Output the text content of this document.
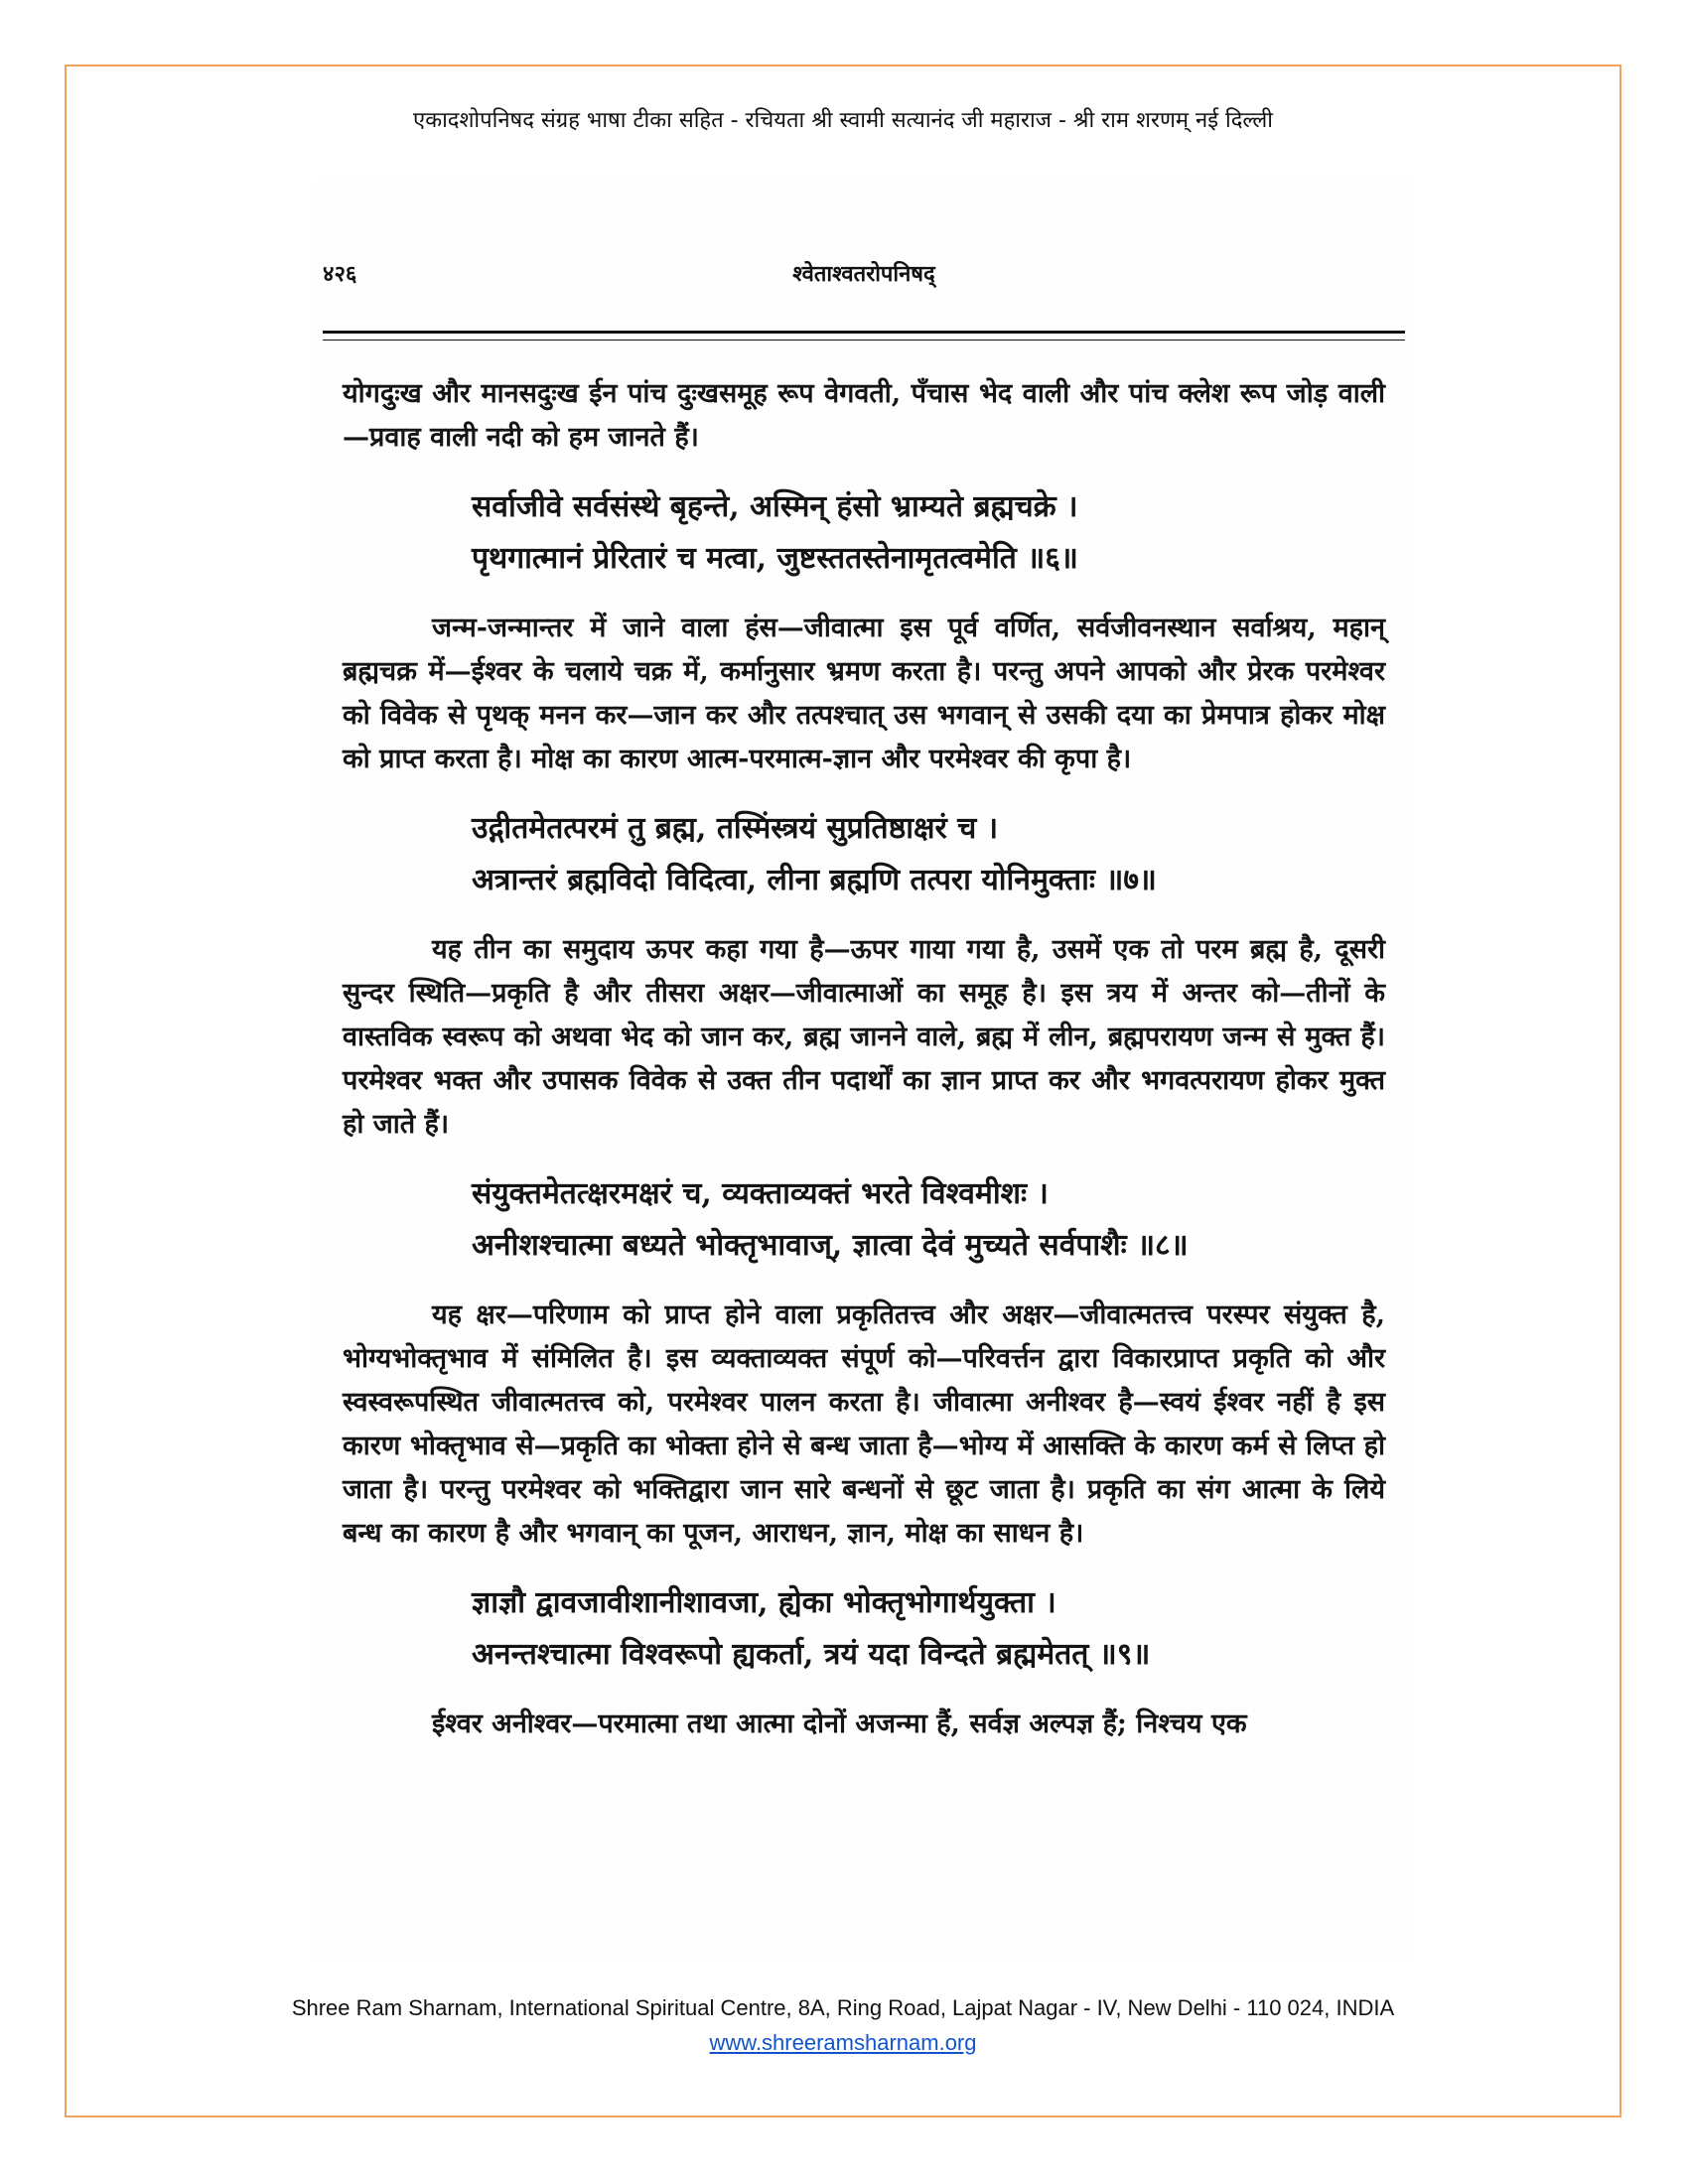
एकादशोपनिषद संग्रह भाषा टीका सहित - रचियता श्री स्वामी सत्यानंद जी महाराज - श्री राम शरणम् नई दिल्ली
४२६	श्वेताश्वतरोपनिषद्

योगदुःख और मानसदुःख ईन पांच दुःखसमूह रूप वेगवती, पँचास भेद वाली और पांच क्लेश रूप जोड़ वाली—प्रवाह वाली नदी को हम जानते हैं।

सर्वाजीवे सर्वसंस्थे बृहन्ते, अस्मिन् हंसो भ्राम्यते ब्रह्मचक्रे ।
पृथगात्मानं प्रेरितारं च मत्वा, जुष्टस्ततस्तेनामृतत्वमेति ॥६॥

जन्म-जन्मान्तर में जाने वाला हंस—जीवात्मा इस पूर्व वर्णित, सर्वजीवनस्थान सर्वाश्रय, महान् ब्रह्मचक्र में—ईश्वर के चलाये चक्र में, कर्मानुसार भ्रमण करता है। परन्तु अपने आपको और प्रेरक परमेश्वर को विवेक से पृथक् मनन कर—जान कर और तत्पश्चात् उस भगवान् से उसकी दया का प्रेमपात्र होकर मोक्ष को प्राप्त करता है। मोक्ष का कारण आत्म-परमात्म-ज्ञान और परमेश्वर की कृपा है।

उद्गीतमेतत्परमं तु ब्रह्म, तस्मिंस्त्रयं सुप्रतिष्ठाक्षरं च ।
अत्रान्तरं ब्रह्मविदो विदित्वा, लीना ब्रह्मणि तत्परा योनिमुक्ताः ॥७॥

यह तीन का समुदाय ऊपर कहा गया है—ऊपर गाया गया है, उसमें एक तो परम ब्रह्म है, दूसरी सुन्दर स्थिति—प्रकृति है और तीसरा अक्षर—जीवात्माओं का समूह है। इस त्रय में अन्तर को—तीनों के वास्तविक स्वरूप को अथवा भेद को जान कर, ब्रह्म जानने वाले, ब्रह्म में लीन, ब्रह्मपरायण जन्म से मुक्त हैं। परमेश्वर भक्त और उपासक विवेक से उक्त तीन पदार्थों का ज्ञान प्राप्त कर और भगवत्परायण होकर मुक्त हो जाते हैं।

संयुक्तमेतत्क्षरमक्षरं च, व्यक्ताव्यक्तं भरते विश्वमीशः ।
अनीशश्चात्मा बध्यते भोक्तृभावाज्, ज्ञात्वा देवं मुच्यते सर्वपाशैः ॥८॥

यह क्षर—परिणाम को प्राप्त होने वाला प्रकृतितत्त्व और अक्षर—जीवात्मतत्त्व परस्पर संयुक्त है, भोग्यभोक्तृभाव में संमिलित है। इस व्यक्ताव्यक्त संपूर्ण को—परिवर्त्तन द्वारा विकारप्राप्त प्रकृति को और स्वस्वरूपस्थित जीवात्मतत्त्व को, परमेश्वर पालन करता है। जीवात्मा अनीश्वर है—स्वयं ईश्वर नहीं है इस कारण भोक्तृभाव से—प्रकृति का भोक्ता होने से बन्ध जाता है—भोग्य में आसक्ति के कारण कर्म से लिप्त हो जाता है। परन्तु परमेश्वर को भक्तिद्वारा जान सारे बन्धनों से छूट जाता है। प्रकृति का संग आत्मा के लिये बन्ध का कारण है और भगवान् का पूजन, आराधन, ज्ञान, मोक्ष का साधन है।

ज्ञाज्ञौ द्वावजावीशानीशावजा, ह्येका भोक्तृभोगार्थयुक्ता ।
अनन्तश्चात्मा विश्वरूपो ह्यकर्ता, त्रयं यदा विन्दते ब्रह्ममेतत् ॥९॥

ईश्वर अनीश्वर—परमात्मा तथा आत्मा दोनों अजन्मा हैं, सर्वज्ञ अल्पज्ञ हैं; निश्चय एक

Shree Ram Sharnam, International Spiritual Centre, 8A, Ring Road, Lajpat Nagar - IV, New Delhi - 110 024, INDIA
www.shreeramsharnam.org
